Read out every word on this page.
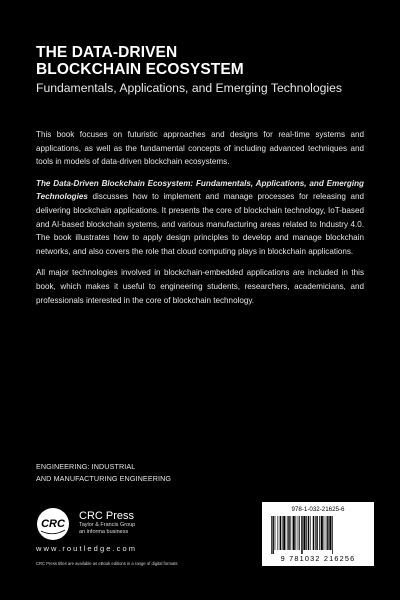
THE DATA-DRIVEN
BLOCKCHAIN ECOSYSTEM
Fundamentals, Applications, and Emerging Technologies

This book focuses on futuristic approaches and designs for real-time systems and applications, as well as the fundamental concepts of including advanced techniques and tools in models of data-driven blockchain ecosystems.

The Data-Driven Blockchain Ecosystem: Fundamentals, Applications, and Emerging Technologies discusses how to implement and manage processes for releasing and delivering blockchain applications. It presents the core of blockchain technology, IoT-based and AI-based blockchain systems, and various manufacturing areas related to Industry 4.0. The book illustrates how to apply design principles to develop and manage blockchain networks, and also covers the role that cloud computing plays in blockchain applications.

All major technologies involved in blockchain-embedded applications are included in this book, which makes it useful to engineering students, researchers, academicians, and professionals interested in the core of blockchain technology.

ENGINEERING: INDUSTRIAL
AND MANUFACTURING ENGINEERING
CRC
CRC Press
Taylor & Francis Group
an informa business
www.routledge.com
CRC Press titles are available as eBook editions in a range of digital formats
978-1-032-21625-6
9 781032 216256
